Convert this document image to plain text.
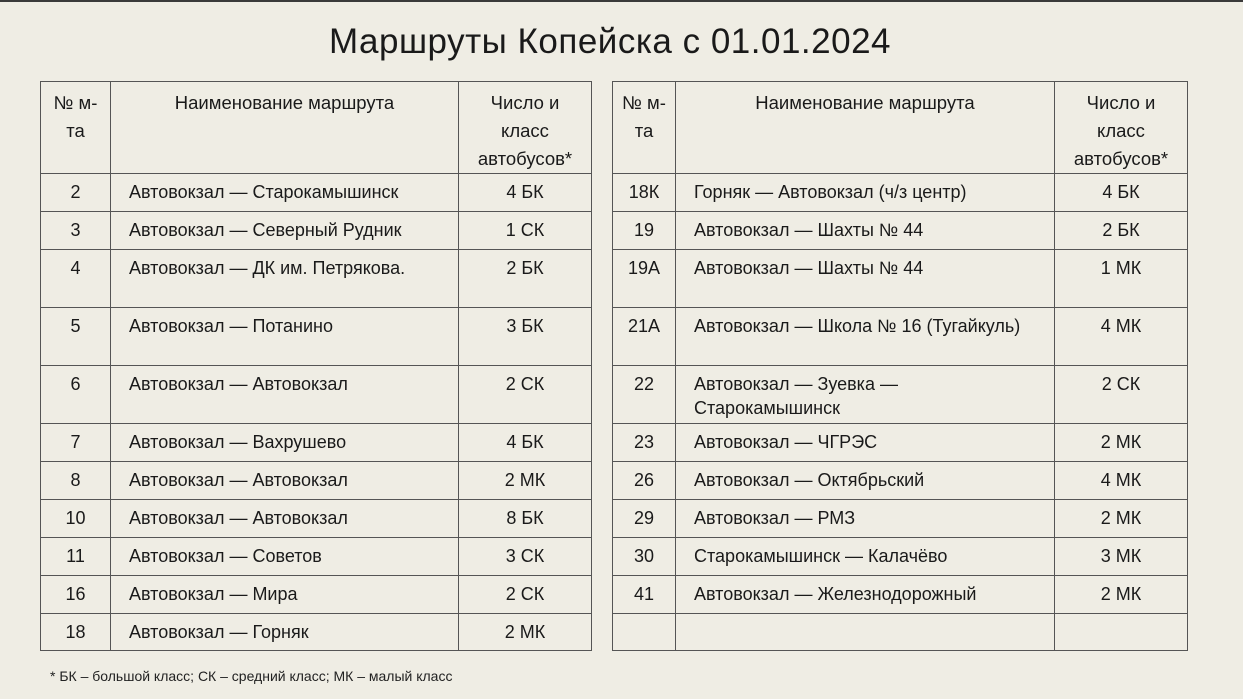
Маршруты Копейска с 01.01.2024
№ м-та	Наименование маршрута	Число и класс автобусов*
2	Автовокзал — Старокамышинск	4 БК
3	Автовокзал — Северный Рудник	1 СК
4	Автовокзал — ДК им. Петрякова.	2 БК
5	Автовокзал — Потанино	3 БК
6	Автовокзал — Автовокзал	2 СК
7	Автовокзал — Вахрушево	4 БК
8	Автовокзал — Автовокзал	2 МК
10	Автовокзал — Автовокзал	8 БК
11	Автовокзал — Советов	3 СК
16	Автовокзал — Мира	2 СК
18	Автовокзал — Горняк	2 МК
№ м-та	Наименование маршрута	Число и класс автобусов*
18К	Горняк — Автовокзал (ч/з центр)	4 БК
19	Автовокзал — Шахты № 44	2 БК
19А	Автовокзал — Шахты № 44	1 МК
21А	Автовокзал — Школа № 16 (Тугайкуль)	4 МК
22	Автовокзал — Зуевка — Старокамышинск	2 СК
23	Автовокзал — ЧГРЭС	2 МК
26	Автовокзал — Октябрьский	4 МК
29	Автовокзал — РМЗ	2 МК
30	Старокамышинск — Калачёво	3 МК
41	Автовокзал — Железнодорожный	2 МК

* БК – большой класс; СК – средний класс; МК – малый класс
